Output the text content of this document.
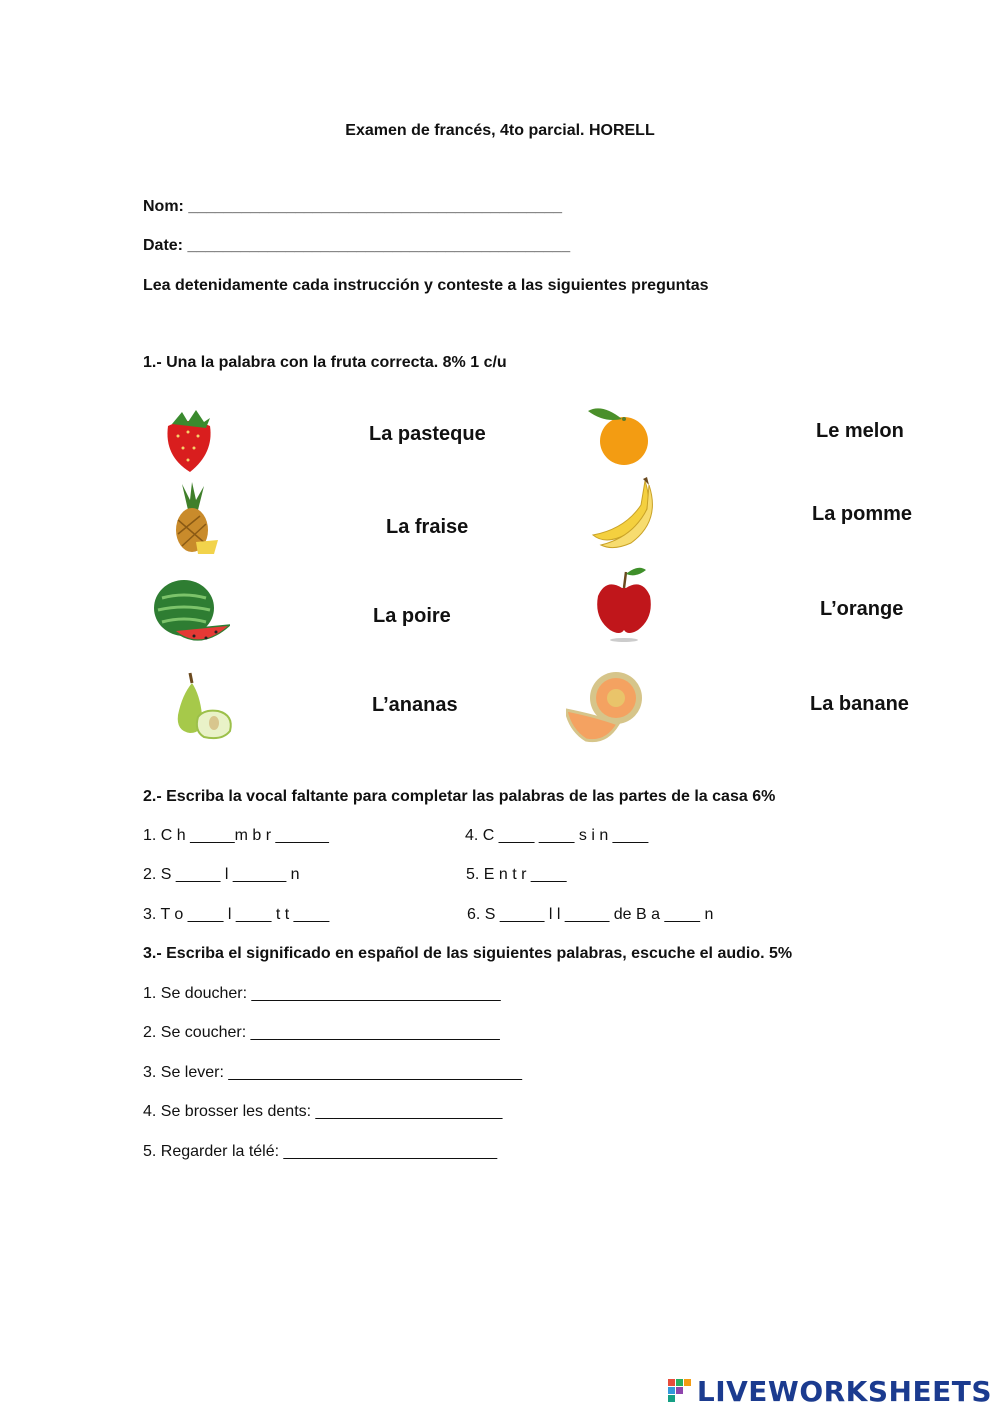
Examen de francés, 4to parcial. HORELL
Nom: __________________________________________
Date: ___________________________________________
Lea detenidamente cada instrucción y conteste a las siguientes preguntas
1.- Una la palabra con la fruta correcta. 8% 1 c/u
La pasteque
La fraise
La poire
L’ananas
Le melon
La pomme
L’orange
La banane
2.- Escriba la vocal faltante para completar las palabras de las partes de la casa 6%
1. C h _____m b r ______
2. S _____ l ______ n
3. T o ____ l ____ t t ____
4. C ____ ____ s i n ____
5. E n t r ____
6. S _____ l l _____ de B a ____ n
3.- Escriba el significado en español de las siguientes palabras, escuche el audio. 5%
1. Se doucher: ____________________________
2. Se coucher: ____________________________
3. Se lever: _________________________________
4. Se brosser les dents: _____________________
5. Regarder la télé: ________________________
LIVEWORKSHEETS
